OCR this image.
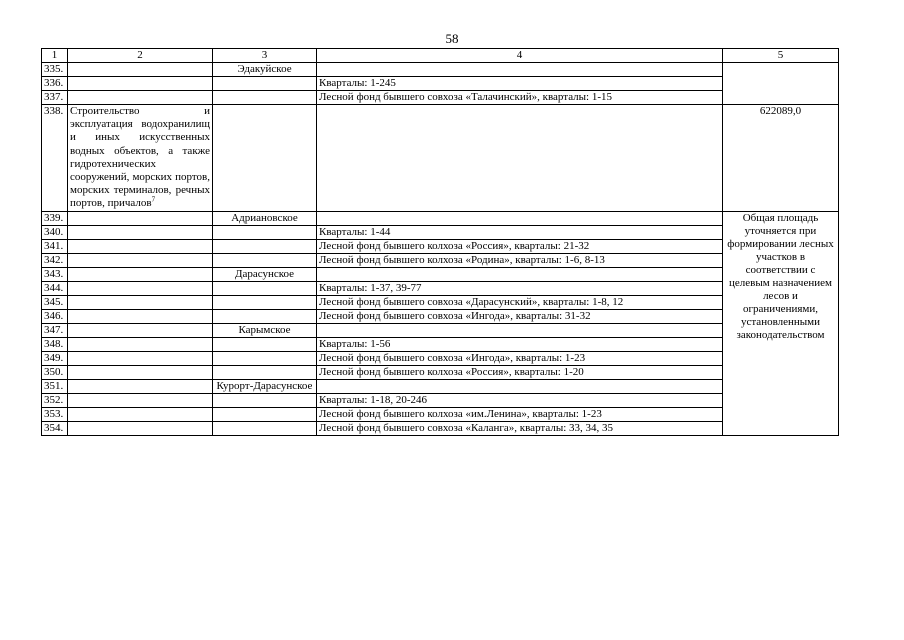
58
1	2	3	4	5
335.		Эдакуйское		
336.			Кварталы: 1-245	
337.			Лесной фонд бывшего совхоза «Талачинский», кварталы: 1-15	
338.	Строительство и эксплуатация водохранилищ и иных искусственных водных объектов, а также гидротехнических сооружений, морских портов, морских терминалов, речных портов, причалов$^7$			622089,0
339.		Адриановское		Общая площадь уточняется при формировании лесных участков в соответствии с целевым назначением лесов и ограничениями, установленными законодательством
340.			Кварталы: 1-44	
341.			Лесной фонд бывшего колхоза «Россия», кварталы: 21-32	
342.			Лесной фонд бывшего колхоза «Родина», кварталы: 1-6, 8-13	
343.		Дарасунское		
344.			Кварталы: 1-37, 39-77	
345.			Лесной фонд бывшего совхоза «Дарасунский», кварталы: 1-8, 12	
346.			Лесной фонд бывшего совхоза «Ингода», кварталы: 31-32	
347.		Карымское		
348.			Кварталы: 1-56	
349.			Лесной фонд бывшего совхоза «Ингода», кварталы: 1-23	
350.			Лесной фонд бывшего колхоза «Россия», кварталы: 1-20	
351.		Курорт-Дарасунское		
352.			Кварталы: 1-18, 20-246	
353.			Лесной фонд бывшего колхоза «им.Ленина», кварталы: 1-23	
354.			Лесной фонд бывшего совхоза «Каланга», кварталы: 33, 34, 35	
